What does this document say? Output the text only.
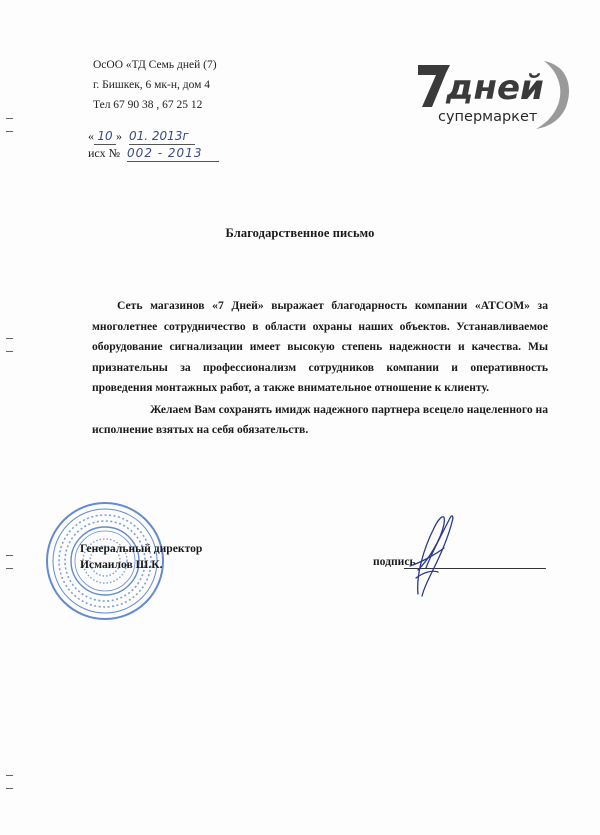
ОсОО «ТД Семь дней (7)
г. Бишкек, 6 мк-н, дом 4
Тел 67 90 38 , 67 25 12	дней
супермаркет
« 10 » 01. 2013г
исх № 002 - 2013
Благодарственное письмо

Сеть магазинов «7 Дней» выражает благодарность компании «АТСОМ» за многолетнее сотрудничество в области охраны наших объектов. Устанавливаемое оборудование сигнализации имеет высокую степень надежности и качества. Мы признательны за профессионализм сотрудников компании и оперативность проведения монтажных работ, а также внимательное отношение к клиенту.

Желаем Вам сохранять имидж надежного партнера всецело нацеленного на исполнение взятых на себя обязательств.

Генеральный директор
Исмаилов Ш.К.	подпись
